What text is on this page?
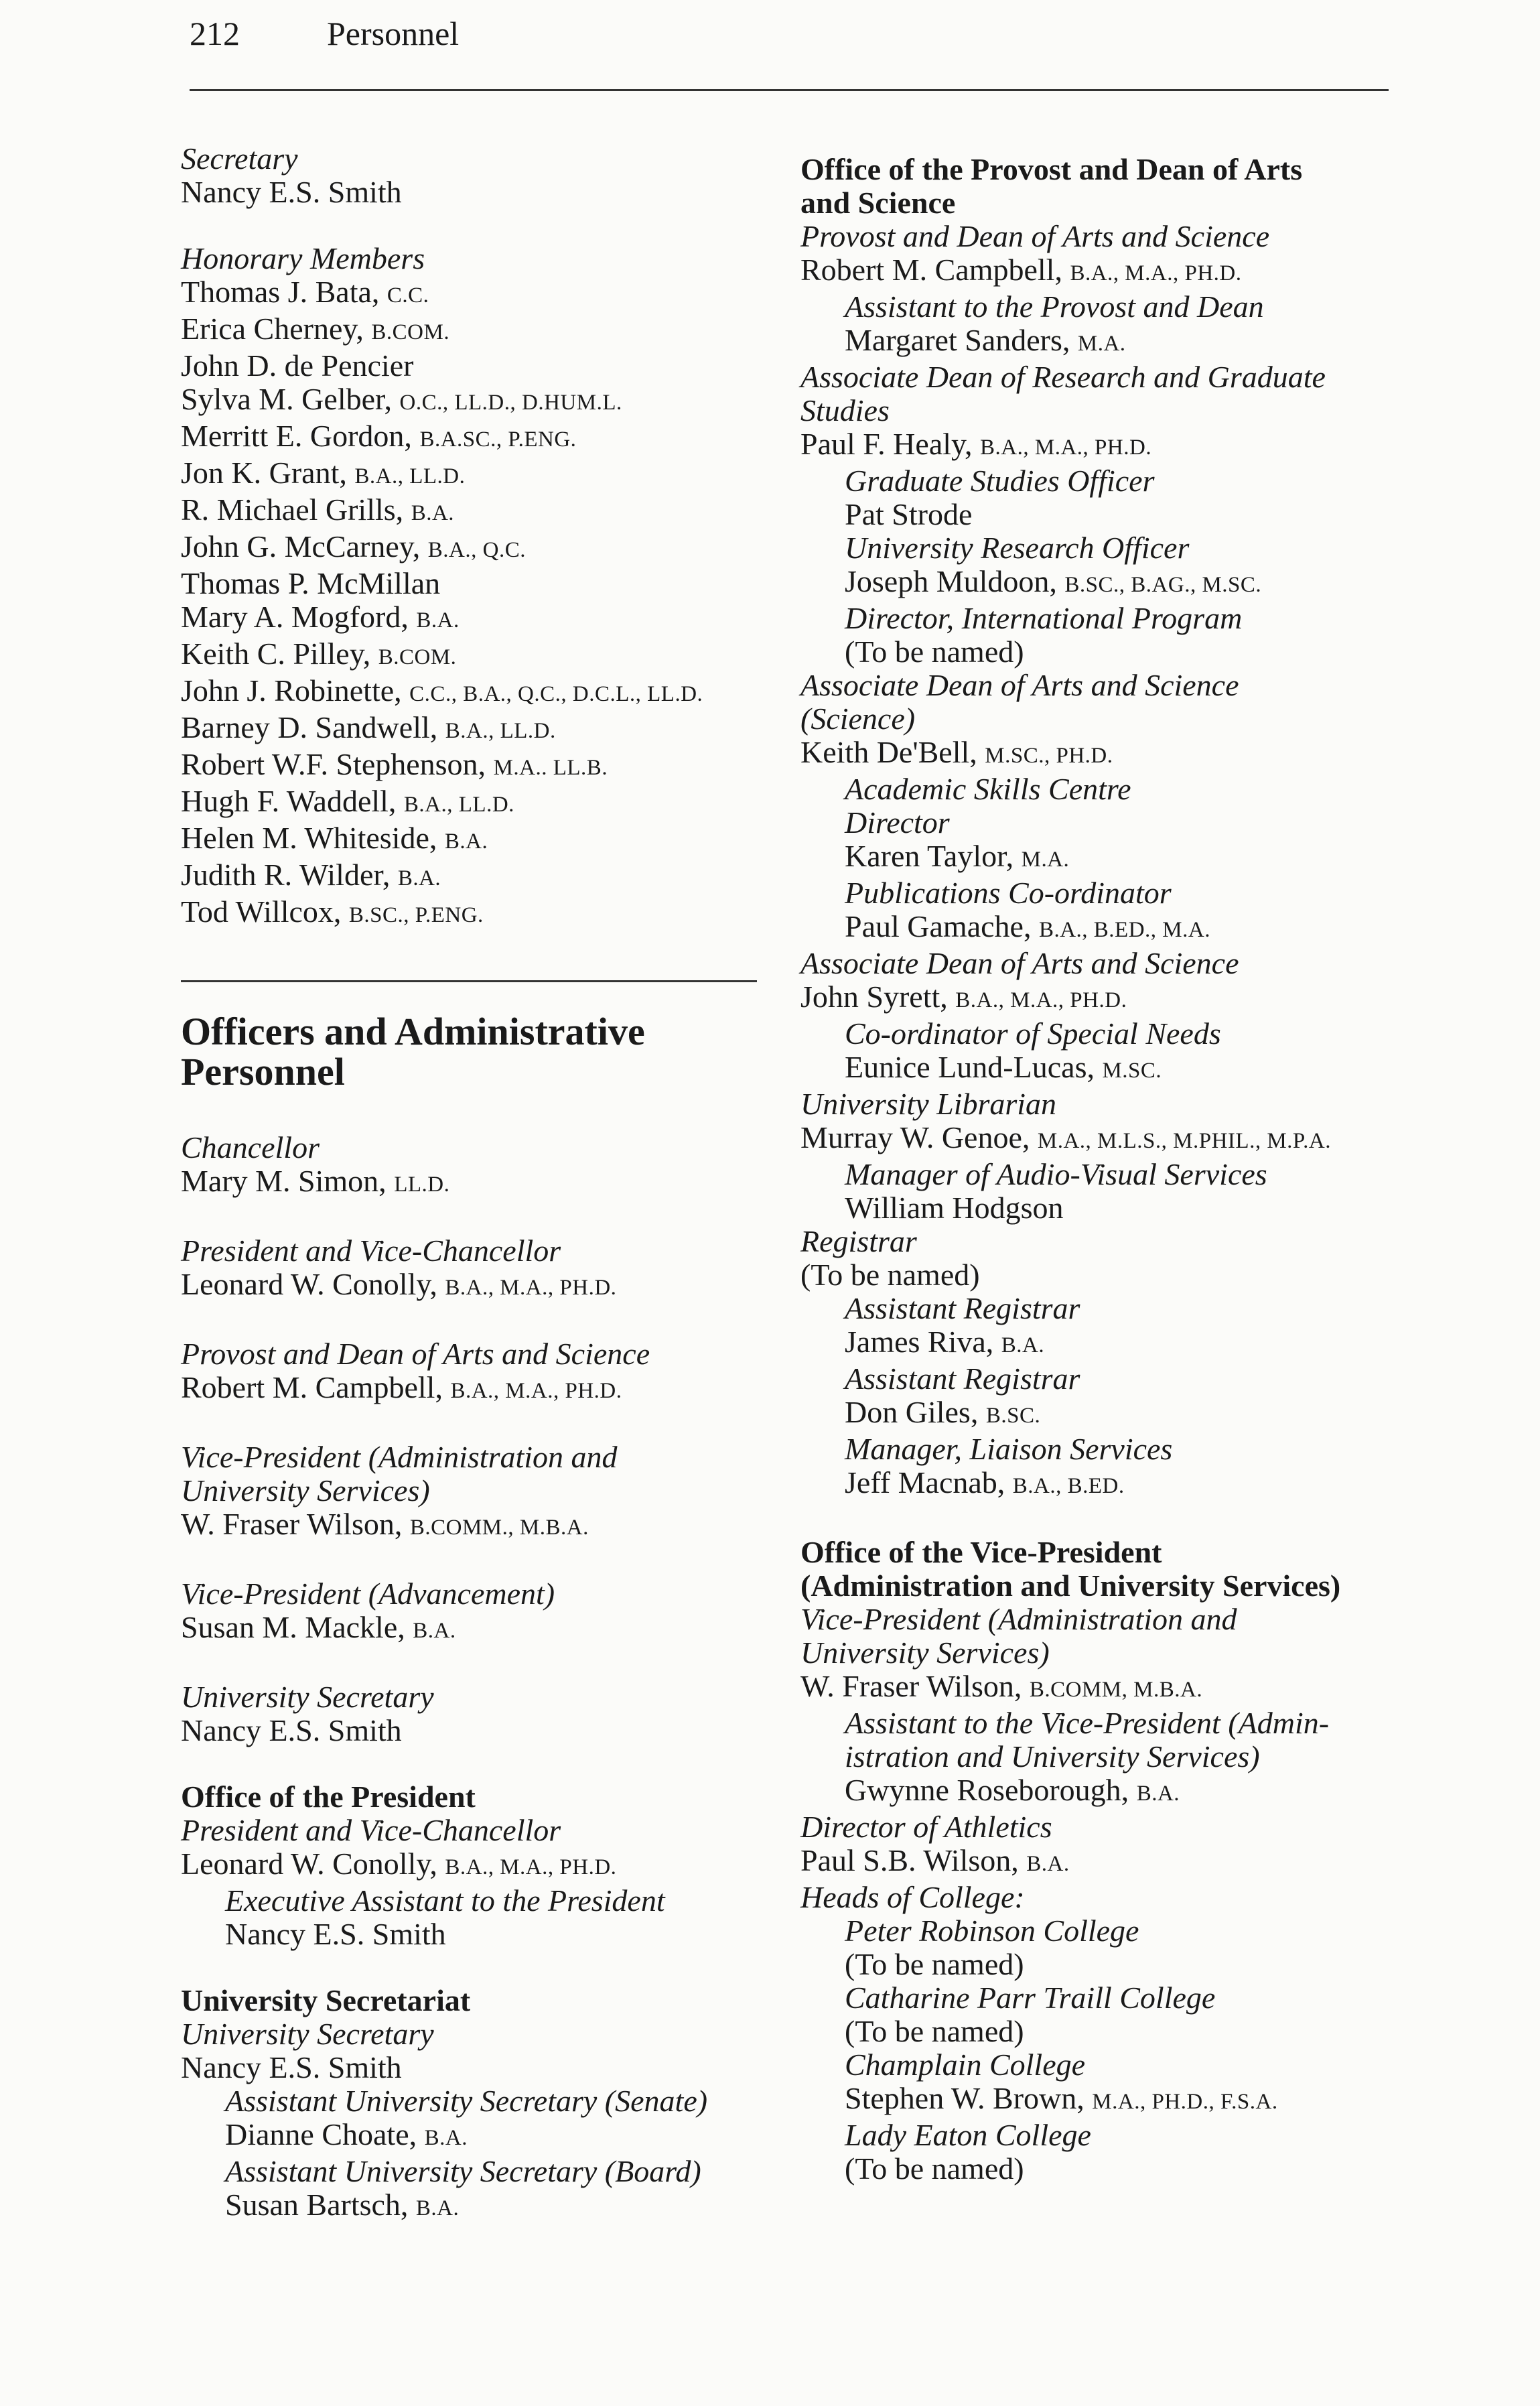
212	Personnel
Secretary
Nancy E.S. Smith
Honorary Members
Thomas J. Bata, C.C.
Erica Cherney, B.COM.
John D. de Pencier
Sylva M. Gelber, O.C., LL.D., D.HUM.L.
Merritt E. Gordon, B.A.SC., P.ENG.
Jon K. Grant, B.A., LL.D.
R. Michael Grills, B.A.
John G. McCarney, B.A., Q.C.
Thomas P. McMillan
Mary A. Mogford, B.A.
Keith C. Pilley, B.COM.
John J. Robinette, C.C., B.A., Q.C., D.C.L., LL.D.
Barney D. Sandwell, B.A., LL.D.
Robert W.F. Stephenson, M.A.. LL.B.
Hugh F. Waddell, B.A., LL.D.
Helen M. Whiteside, B.A.
Judith R. Wilder, B.A.
Tod Willcox, B.SC., P.ENG.
Officers and Administrative
Personnel
Chancellor
Mary M. Simon, LL.D.
President and Vice-Chancellor
Leonard W. Conolly, B.A., M.A., PH.D.
Provost and Dean of Arts and Science
Robert M. Campbell, B.A., M.A., PH.D.
Vice-President (Administration and
University Services)
W. Fraser Wilson, B.COMM., M.B.A.
Vice-President (Advancement)
Susan M. Mackle, B.A.
University Secretary
Nancy E.S. Smith
Office of the President
President and Vice-Chancellor
Leonard W. Conolly, B.A., M.A., PH.D.
Executive Assistant to the President
Nancy E.S. Smith
University Secretariat
University Secretary
Nancy E.S. Smith
Assistant University Secretary (Senate)
Dianne Choate, B.A.
Assistant University Secretary (Board)
Susan Bartsch, B.A.
Office of the Provost and Dean of Arts
and Science
Provost and Dean of Arts and Science
Robert M. Campbell, B.A., M.A., PH.D.
Assistant to the Provost and Dean
Margaret Sanders, M.A.
Associate Dean of Research and Graduate
Studies
Paul F. Healy, B.A., M.A., PH.D.
Graduate Studies Officer
Pat Strode
University Research Officer
Joseph Muldoon, B.SC., B.AG., M.SC.
Director, International Program
(To be named)
Associate Dean of Arts and Science
(Science)
Keith De'Bell, M.SC., PH.D.
Academic Skills Centre
Director
Karen Taylor, M.A.
Publications Co-ordinator
Paul Gamache, B.A., B.ED., M.A.
Associate Dean of Arts and Science
John Syrett, B.A., M.A., PH.D.
Co-ordinator of Special Needs
Eunice Lund-Lucas, M.SC.
University Librarian
Murray W. Genoe, M.A., M.L.S., M.PHIL., M.P.A.
Manager of Audio-Visual Services
William Hodgson
Registrar
(To be named)
Assistant Registrar
James Riva, B.A.
Assistant Registrar
Don Giles, B.SC.
Manager, Liaison Services
Jeff Macnab, B.A., B.ED.
Office of the Vice-President
(Administration and University Services)
Vice-President (Administration and
University Services)
W. Fraser Wilson, B.COMM, M.B.A.
Assistant to the Vice-President (Admin-
istration and University Services)
Gwynne Roseborough, B.A.
Director of Athletics
Paul S.B. Wilson, B.A.
Heads of College:
Peter Robinson College
(To be named)
Catharine Parr Traill College
(To be named)
Champlain College
Stephen W. Brown, M.A., PH.D., F.S.A.
Lady Eaton College
(To be named)
